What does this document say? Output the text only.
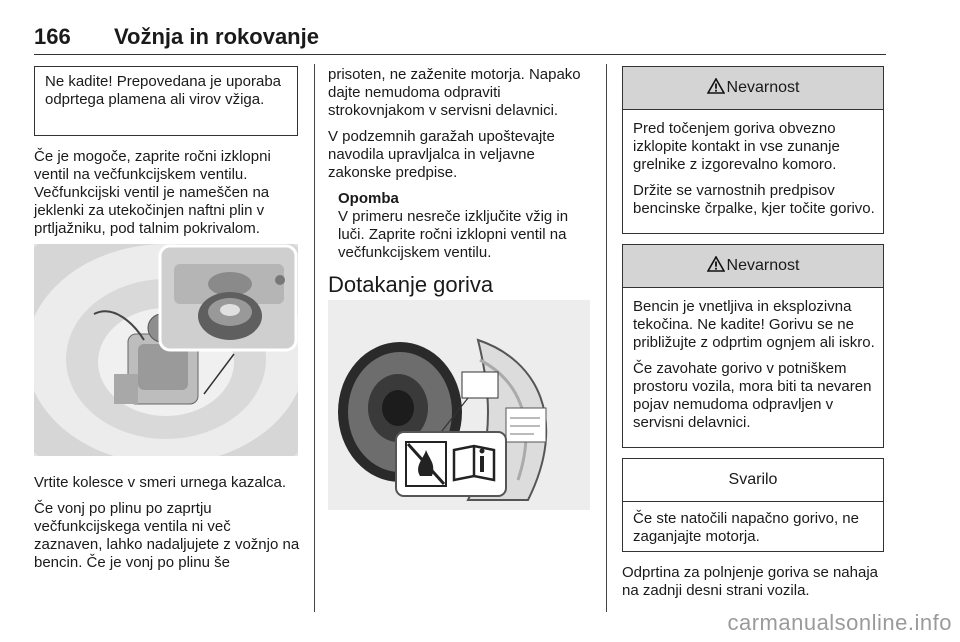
166 Vožnja in rokovanje
Ne kadite! Prepovedana je uporaba odprtega plamena ali virov vžiga.

Če je mogoče, zaprite ročni izklopni ventil na večfunkcijskem ventilu. Večfunkcijski ventil je nameščen na jeklenki za utekočinjen naftni plin v prtljažniku, pod talnim pokrivalom.

Vrtite kolesce v smeri urnega kazalca.

Če vonj po plinu po zaprtju večfunkcijskega ventila ni več zaznaven, lahko nadaljujete z vožnjo na bencin. Če je vonj po plinu še

prisoten, ne zaženite motorja. Napako dajte nemudoma odpraviti strokovnjakom v servisni delavnici.

V podzemnih garažah upoštevajte navodila upravljalca in veljavne zakonske predpise.

Opomba
V primeru nesreče izključite vžig in luči. Zaprite ročni izklopni ventil na večfunkcijskem ventilu.
Dotakanje goriva
Nevarnost

Pred točenjem goriva obvezno izklopite kontakt in vse zunanje grelnike z izgorevalno komoro.

Držite se varnostnih predpisov bencinske črpalke, kjer točite gorivo.

Nevarnost

Bencin je vnetljiva in eksplozivna tekočina. Ne kadite! Gorivu se ne približujte z odprtim ognjem ali iskro.

Če zavohate gorivo v potniškem prostoru vozila, mora biti ta nevaren pojav nemudoma odpravljen v servisni delavnici.

Svarilo

Če ste natočili napačno gorivo, ne zaganjajte motorja.

Odprtina za polnjenje goriva se nahaja na zadnji desni strani vozila.

carmanualsonline.info
